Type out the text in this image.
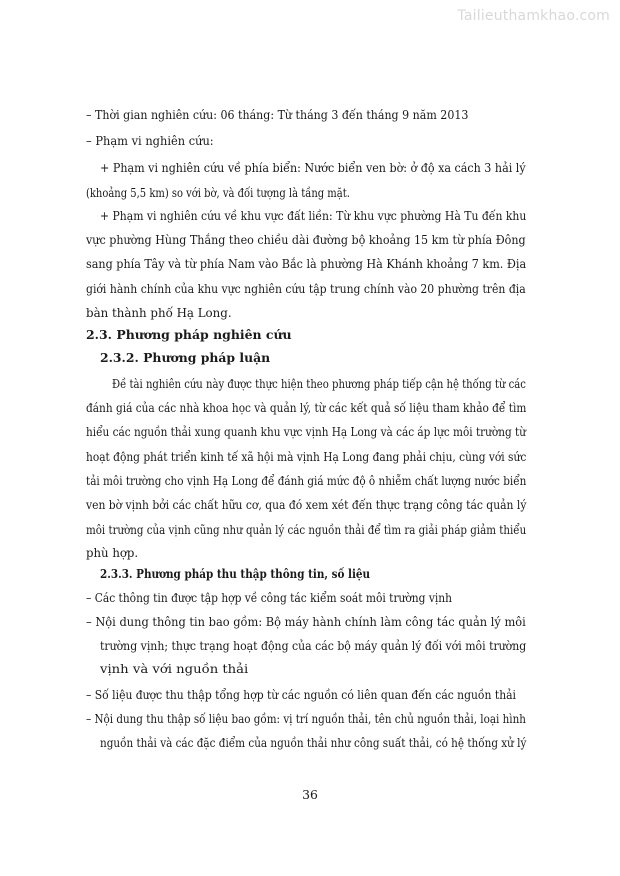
Tailieuthamkhao.com
– Thời gian nghiên cứu: 06 tháng: Từ tháng 3 đến tháng 9 năm 2013
– Phạm vi nghiên cứu:
+ Phạm vi nghiên cứu về phía biển: Nước biển ven bờ: ở độ xa cách 3 hải lý
(khoảng 5,5 km) so với bờ, và đối tượng là tầng mặt.
+ Phạm vi nghiên cứu về khu vực đất liền: Từ khu vực phường Hà Tu đến khu
vực phường Hùng Thắng theo chiều dài đường bộ khoảng 15 km từ phía Đông
sang phía Tây và từ phía Nam vào Bắc là phường Hà Khánh khoảng 7 km. Địa
giới hành chính của khu vực nghiên cứu tập trung chính vào 20 phường trên địa
bàn thành phố Hạ Long.
2.3. Phương pháp nghiên cứu
2.3.2. Phương pháp luận
Đề tài nghiên cứu này được thực hiện theo phương pháp tiếp cận hệ thống từ các
đánh giá của các nhà khoa học và quản lý, từ các kết quả số liệu tham khảo để tìm
hiểu các nguồn thải xung quanh khu vực vịnh Hạ Long và các áp lực môi trường từ
hoạt động phát triển kinh tế xã hội mà vịnh Hạ Long đang phải chịu, cùng với sức
tải môi trường cho vịnh Hạ Long để đánh giá mức độ ô nhiễm chất lượng nước biển
ven bờ vịnh bởi các chất hữu cơ, qua đó xem xét đến thực trạng công tác quản lý
môi trường của vịnh cũng như quản lý các nguồn thải để tìm ra giải pháp giảm thiểu
phù hợp.
2.3.3. Phương pháp thu thập thông tin, số liệu
– Các thông tin được tập hợp về công tác kiểm soát môi trường vịnh
– Nội dung thông tin bao gồm: Bộ máy hành chính làm công tác quản lý môi
trường vịnh; thực trạng hoạt động của các bộ máy quản lý đối với môi trường
vịnh và với nguồn thải
– Số liệu được thu thập tổng hợp từ các nguồn có liên quan đến các nguồn thải
– Nội dung thu thập số liệu bao gồm: vị trí nguồn thải, tên chủ nguồn thải, loại hình
nguồn thải và các đặc điểm của nguồn thải như công suất thải, có hệ thống xử lý
36
